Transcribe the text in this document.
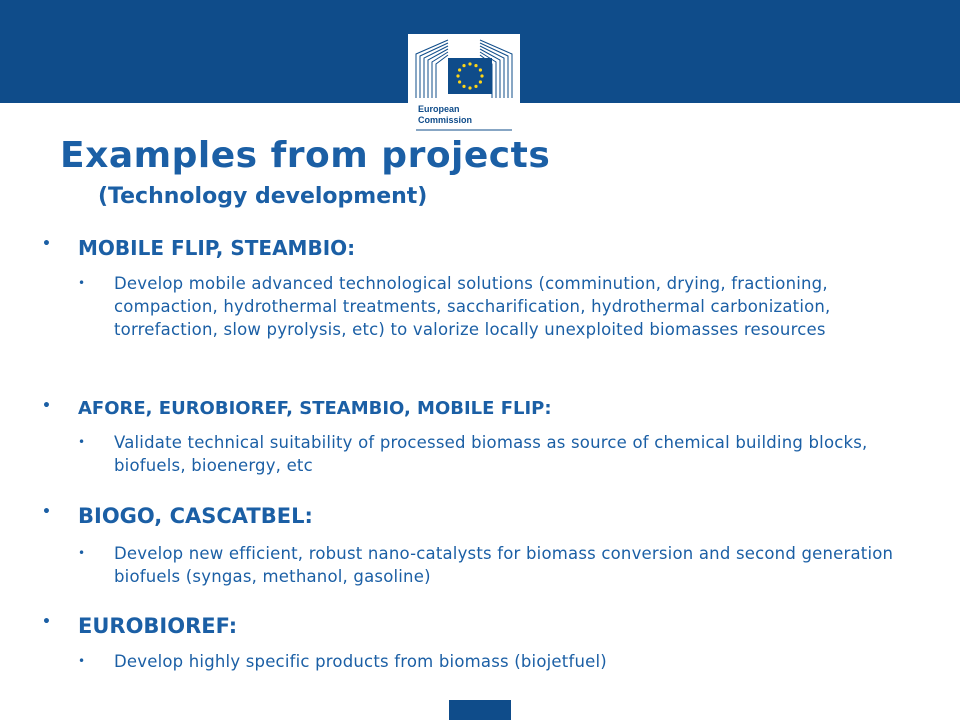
European
Commission
Examples from projects
(Technology development)
• MOBILE FLIP, STEAMBIO:
• Develop mobile advanced technological solutions (comminution, drying, fractioning, compaction, hydrothermal treatments, saccharification, hydrothermal carbonization, torrefaction, slow pyrolysis, etc) to valorize locally unexploited biomasses resources
• AFORE, EUROBIOREF, STEAMBIO, MOBILE FLIP:
• Validate technical suitability of processed biomass as source of chemical building blocks, biofuels, bioenergy, etc
• BIOGO, CASCATBEL:
• Develop new efficient, robust nano-catalysts for biomass conversion and second generation biofuels (syngas, methanol, gasoline)
• EUROBIOREF:
• Develop highly specific products from biomass (biojetfuel)
